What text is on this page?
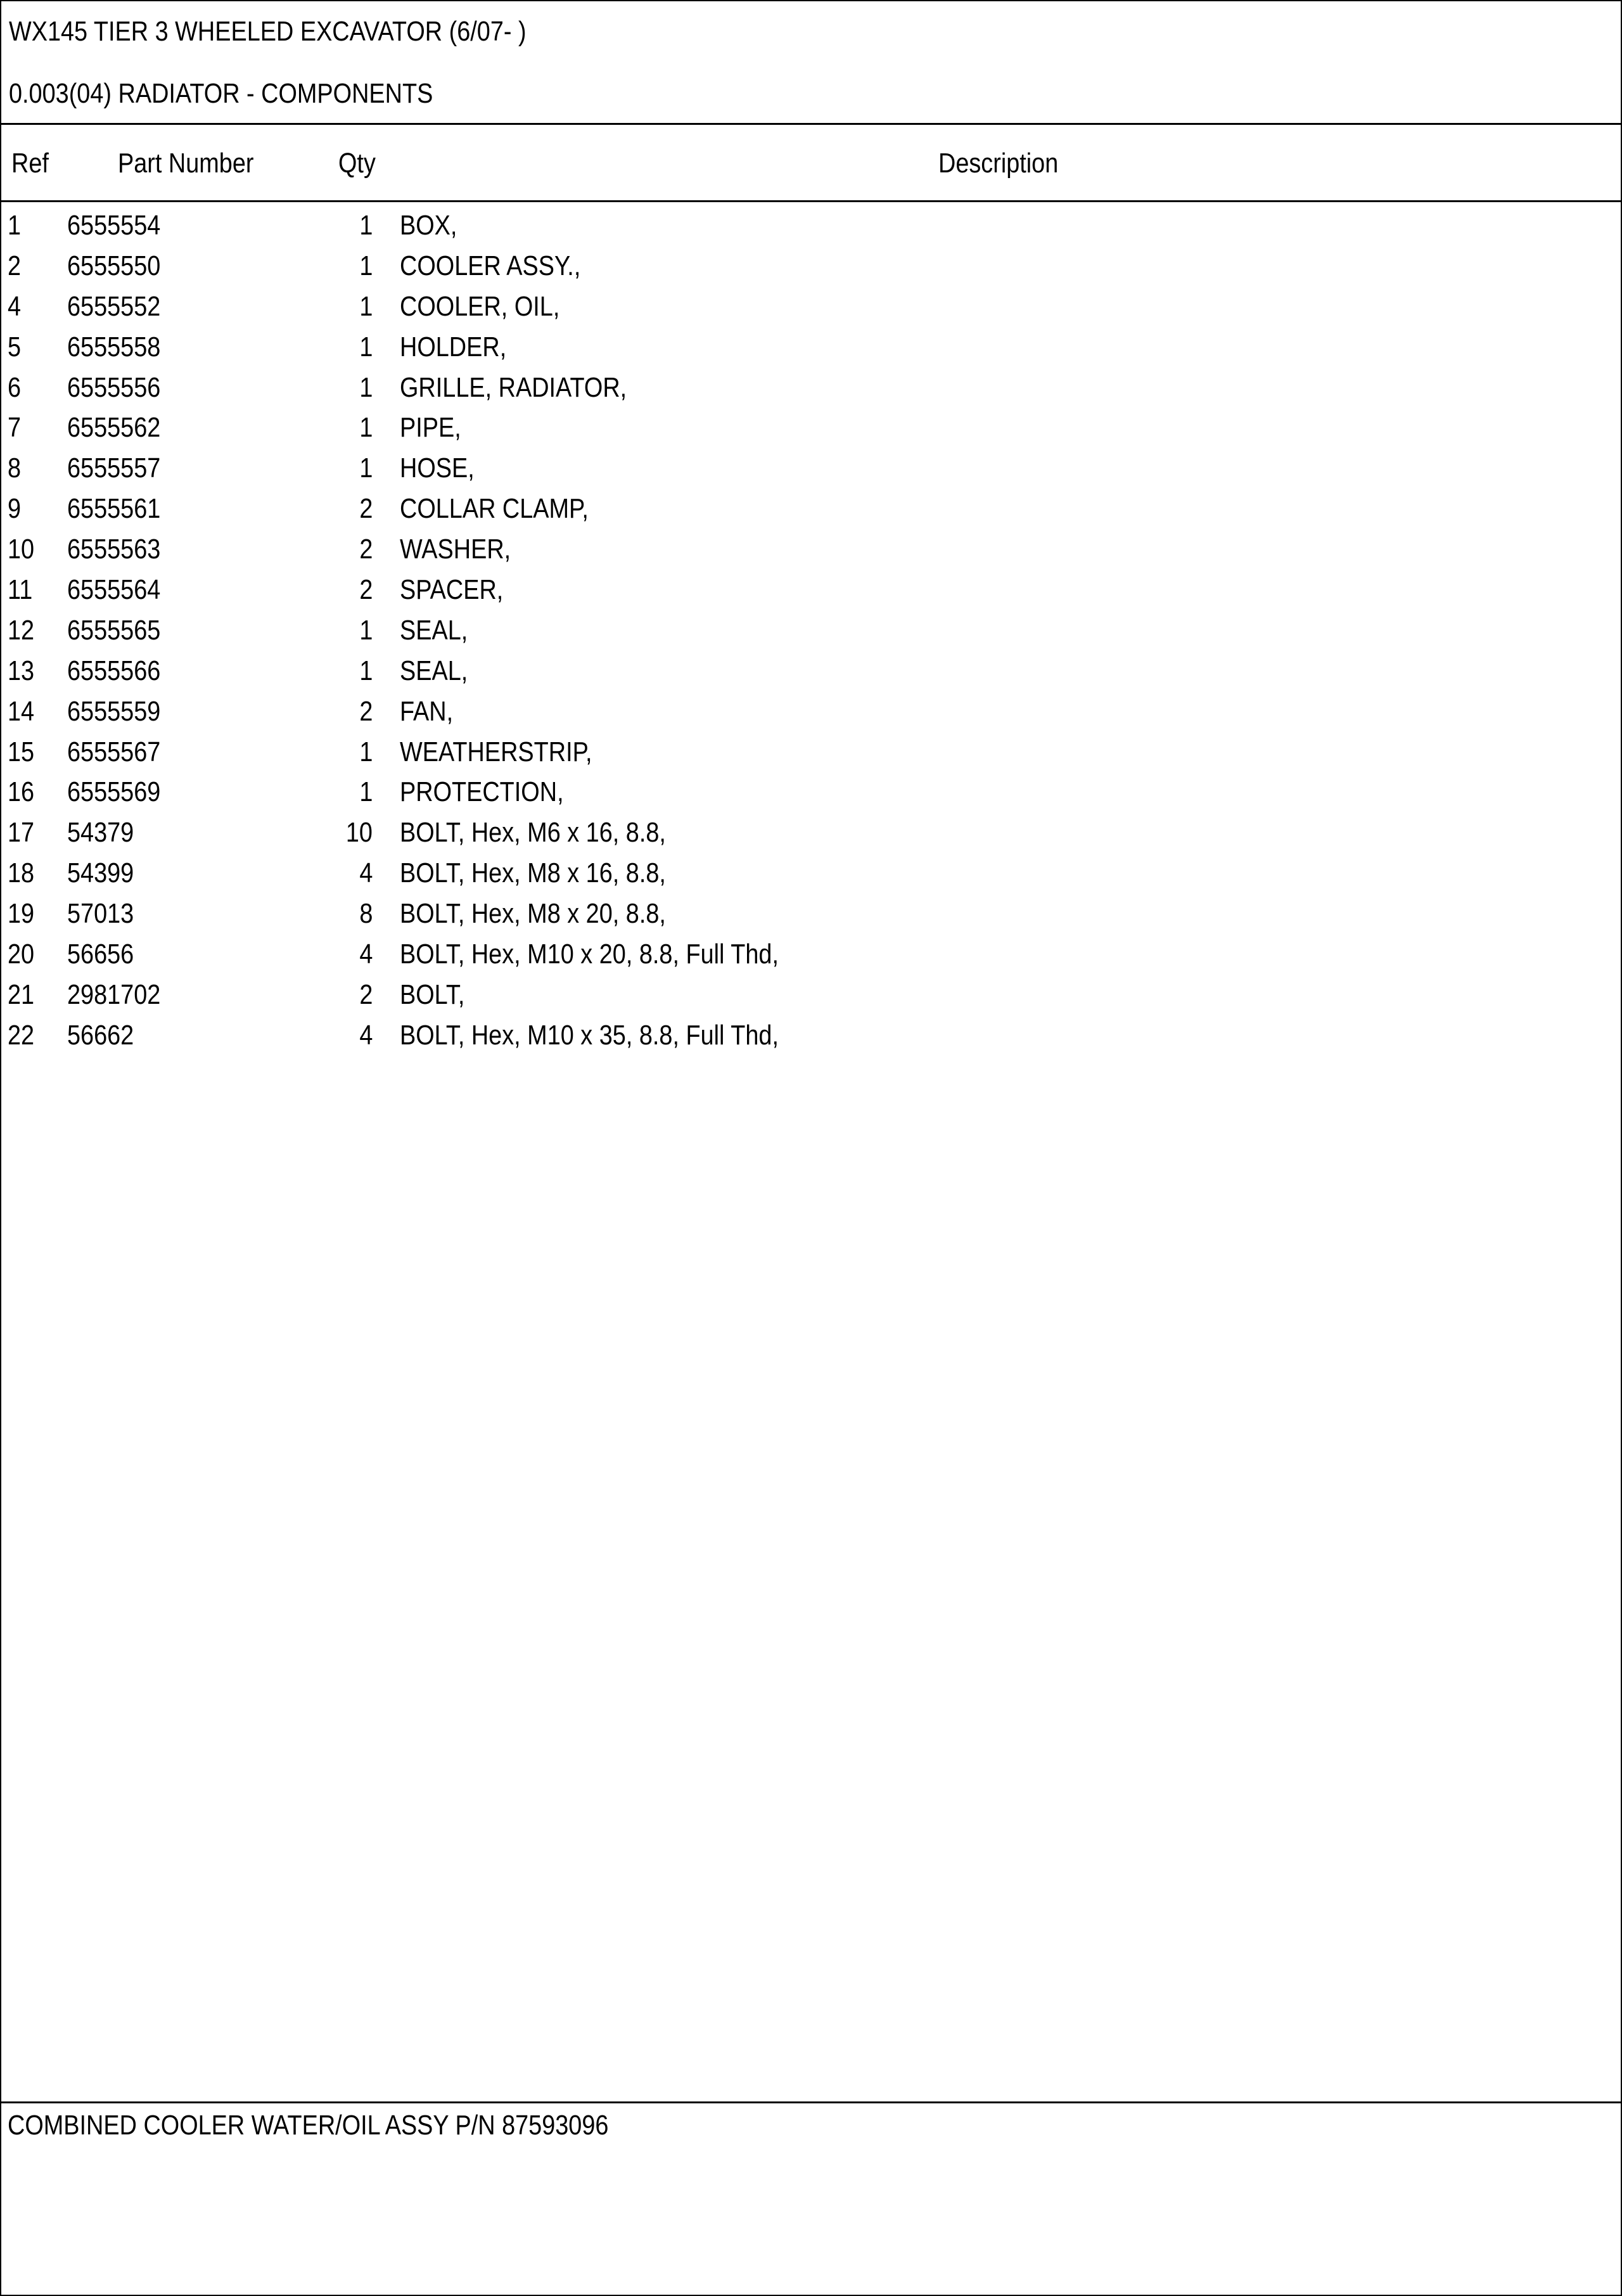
WX145 TIER 3 WHEELED EXCAVATOR (6/07- )
0.003(04) RADIATOR - COMPONENTS
Ref Part Number	Qty	Description
1 6555554	1 BOX,
2 6555550	1 COOLER ASSY.,
4 6555552	1 COOLER, OIL,
5 6555558	1 HOLDER,
6 6555556	1 GRILLE, RADIATOR,
7 6555562	1 PIPE,
8 6555557	1 HOSE,
9 6555561	2 COLLAR CLAMP,
10 6555563	2 WASHER,
11 6555564	2 SPACER,
12 6555565	1 SEAL,
13 6555566	1 SEAL,
14 6555559	2 FAN,
15 6555567	1 WEATHERSTRIP,
16 6555569	1 PROTECTION,
17 54379	10 BOLT, Hex, M6 x 16, 8.8,
18 54399	4 BOLT, Hex, M8 x 16, 8.8,
19 57013	8 BOLT, Hex, M8 x 20, 8.8,
20 56656	4 BOLT, Hex, M10 x 20, 8.8, Full Thd,
21 2981702	2 BOLT,
22 56662	4 BOLT, Hex, M10 x 35, 8.8, Full Thd,
COMBINED COOLER WATER/OIL ASSY P/N 87593096
